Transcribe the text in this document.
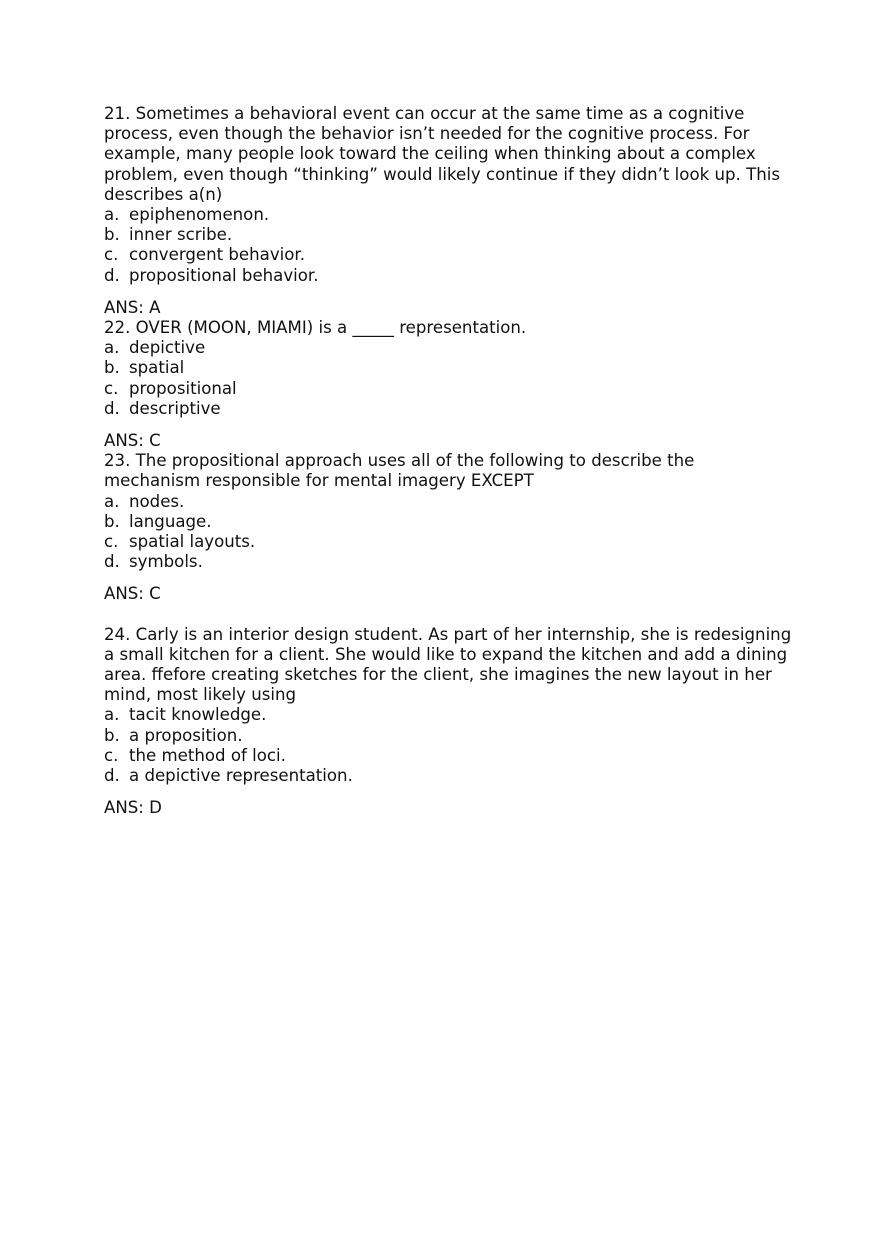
21. Sometimes a behavioral event can occur at the same time as a cognitive process, even though the behavior isn’t needed for the cognitive process. For example, many people look toward the ceiling when thinking about a complex problem, even though “thinking” would likely continue if they didn’t look up. This describes a(n)

a. epiphenomenon.
b. inner scribe.
c. convergent behavior.
d. propositional behavior.

ANS: A

22. OVER (MOON, MIAMI) is a _____ representation.

a. depictive
b. spatial
c. propositional
d. descriptive

ANS: C

23. The propositional approach uses all of the following to describe the mechanism responsible for mental imagery EXCEPT

a. nodes.
b. language.
c. spatial layouts.
d. symbols.

ANS: C

24. Carly is an interior design student. As part of her internship, she is redesigning a small kitchen for a client. She would like to expand the kitchen and add a dining area. ffefore creating sketches for the client, she imagines the new layout in her mind, most likely using

a. tacit knowledge.
b. a proposition.
c. the method of loci.
d. a depictive representation.

ANS: D
